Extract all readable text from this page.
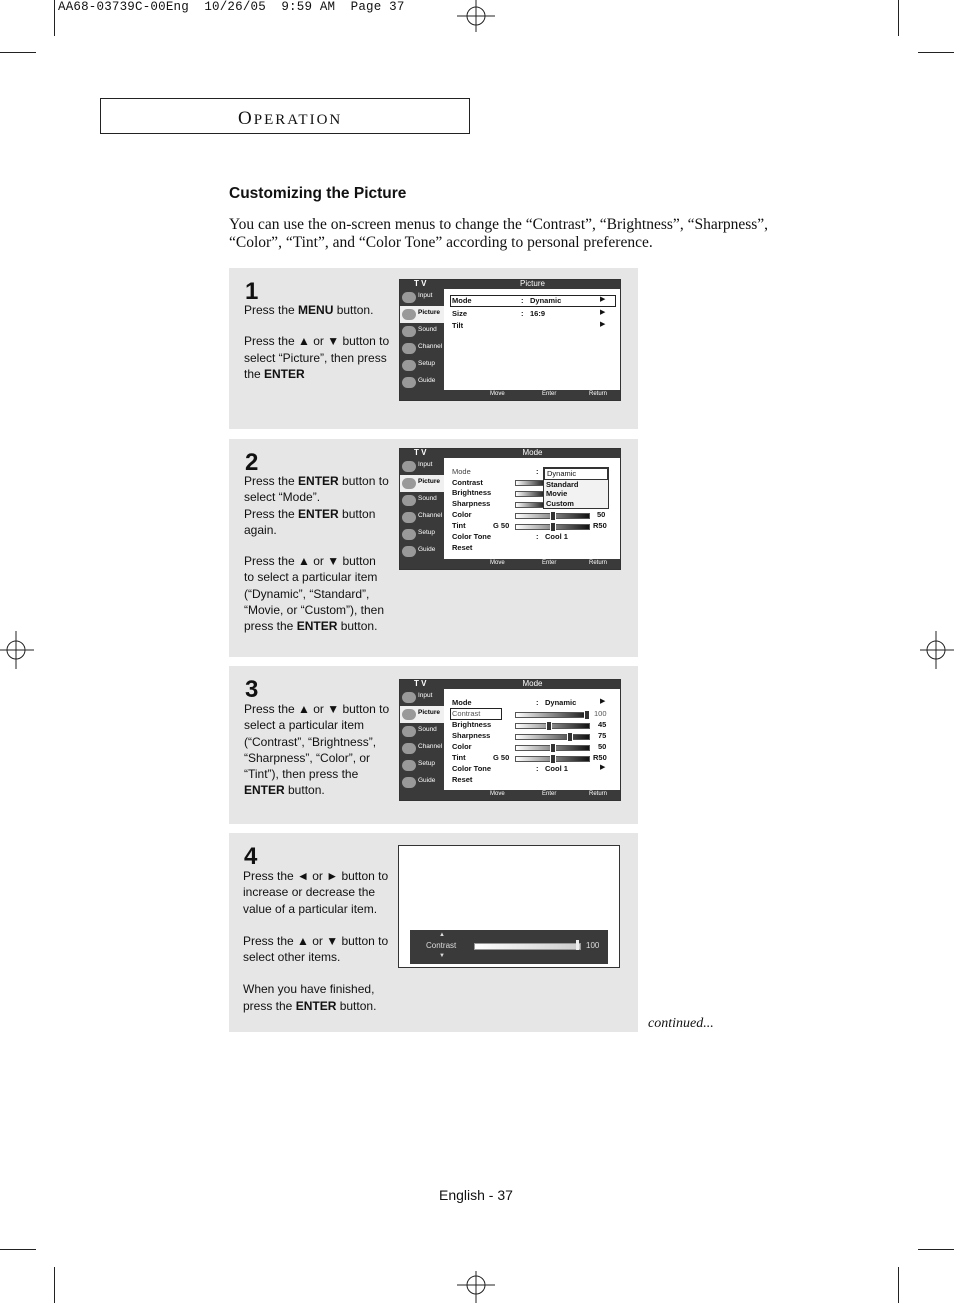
AA68-03739C-00Eng  10/26/05  9:59 AM  Page 37
OPERATION
Customizing the Picture
You can use the on-screen menus to change the “Contrast”, “Brightness”, “Sharpness”, “Color”, “Tint”, and “Color Tone” according to personal preference.
1
Press the MENU button.
Press the ▲ or ▼ button to select “Picture”, then press the ENTER
T V	Picture
Input
Picture
Sound
Channel
Setup
Guide
Mode	: Dynamic	▶
Size	: 16:9	▶
Tilt	▶
Move	Enter	Return
2
Press the ENTER button to select “Mode”.
Press the ENTER button again.
Press the ▲ or ▼ button to select a particular item (“Dynamic”, “Standard”, “Movie, or “Custom”), then press the ENTER button.
T V	Mode
Input
Picture
Sound
Channel
Setup
Guide
Mode	:
Contrast
Brightness
Sharpness
Color
Tint
Color Tone
Reset
50
G 50	R50
: Cool 1
Dynamic
Standard
Movie
Custom
Move	Enter	Return
3
Press the ▲ or ▼ button to select a particular item (“Contrast”, “Brightness”, “Sharpness”, “Color”, or “Tint”), then press the ENTER button.
T V	Mode
Input
Picture
Sound
Channel
Setup
Guide
Mode	: Dynamic	▶
Contrast
Brightness
Sharpness
Color
Tint
Color Tone
Reset
100
45
75
50
G 50	R50
: Cool 1	▶
Move	Enter	Return
4
Press the ◄ or ► button to increase or decrease the value of a particular item.
Press the ▲ or ▼ button to select other items.
When you have finished, press the ENTER button.
▲
Contrast
▼
100
continued...
English - 37
